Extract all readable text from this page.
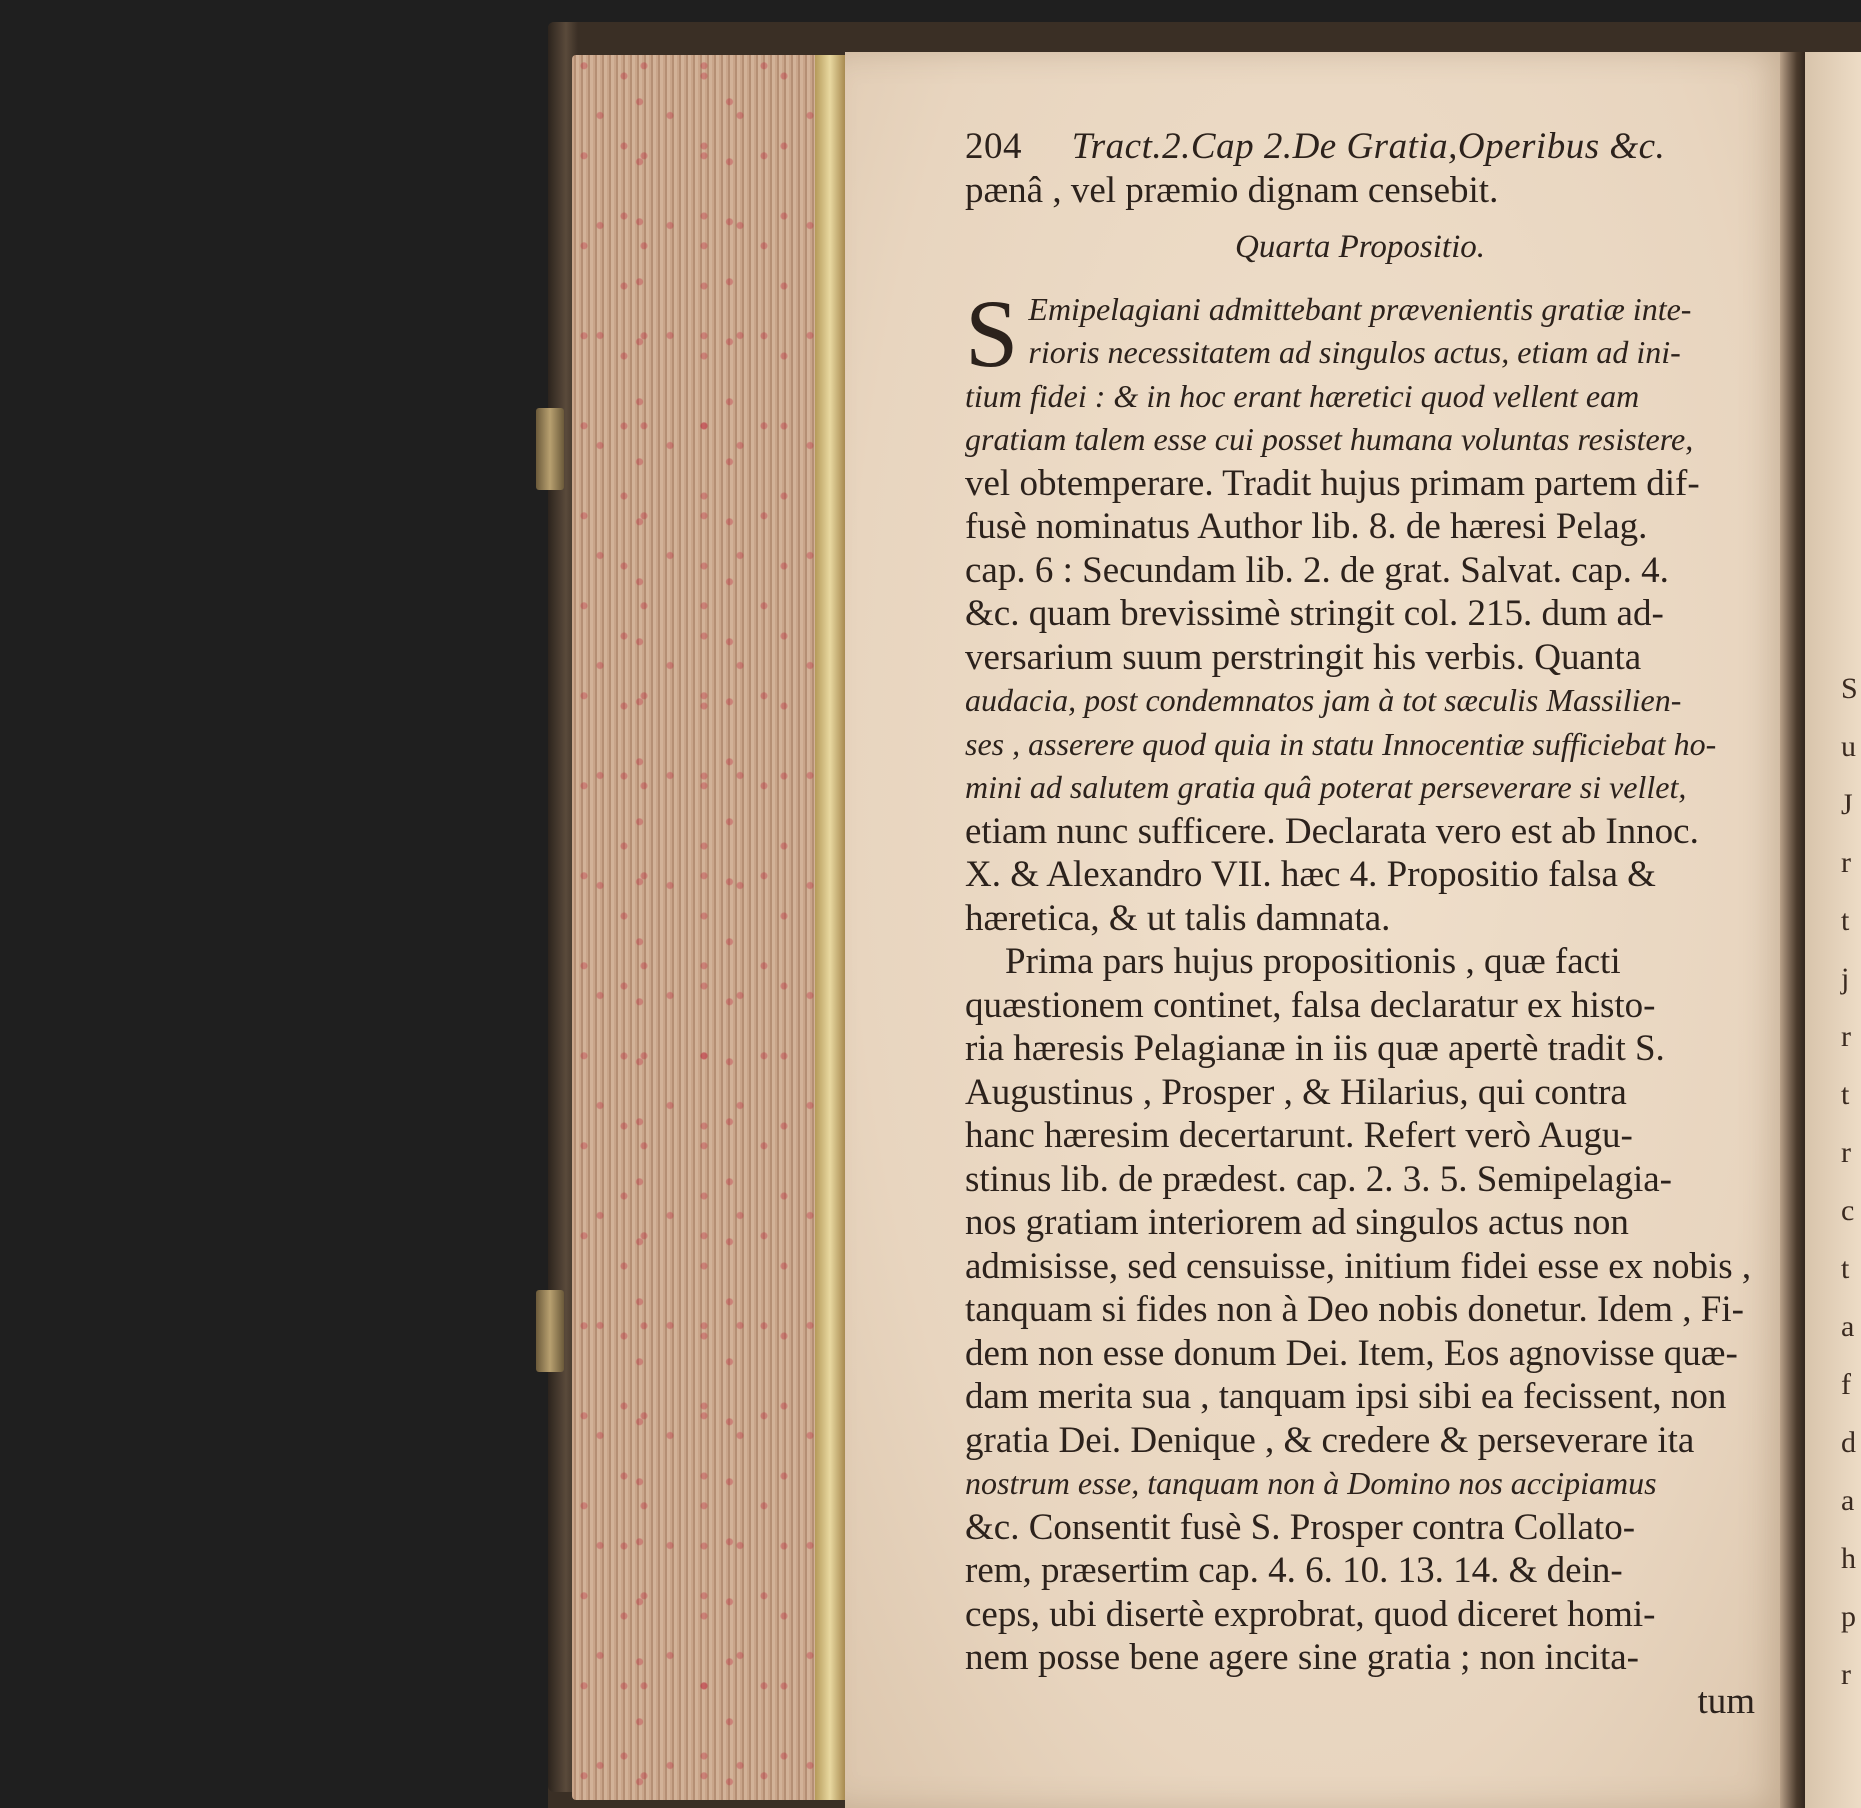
S
u
J
r
t
j
r
t
r
c
t
a
f
d
a
h
p
r
204 Tract.2.Cap 2.De Gratia,Operibus &c.
pænâ , vel præmio dignam censebit.
Quarta Propositio.
S Emipelagiani admittebant prævenientis gratiæ inte-
rioris necessitatem ad singulos actus, etiam ad ini-
tium fidei : & in hoc erant hæretici quod vellent eam
gratiam talem esse cui posset humana voluntas resistere,
vel obtemperare. Tradit hujus primam partem dif-
fusè nominatus Author lib. 8. de hæresi Pelag.
cap. 6 : Secundam lib. 2. de grat. Salvat. cap. 4.
&c. quam brevissimè stringit col. 215. dum ad-
versarium suum perstringit his verbis. Quanta
audacia, post condemnatos jam à tot sæculis Massilien-
ses , asserere quod quia in statu Innocentiæ sufficiebat ho-
mini ad salutem gratia quâ poterat perseverare si vellet,
etiam nunc sufficere. Declarata vero est ab Innoc.
X. & Alexandro VII. hæc 4. Propositio falsa &
hæretica, & ut talis damnata.
Prima pars hujus propositionis , quæ facti
quæstionem continet, falsa declaratur ex histo-
ria hæresis Pelagianæ in iis quæ apertè tradit S.
Augustinus , Prosper , & Hilarius, qui contra
hanc hæresim decertarunt. Refert verò Augu-
stinus lib. de prædest. cap. 2. 3. 5. Semipelagia-
nos gratiam interiorem ad singulos actus non
admisisse, sed censuisse, initium fidei esse ex nobis ,
tanquam si fides non à Deo nobis donetur. Idem , Fi-
dem non esse donum Dei. Item, Eos agnovisse quæ-
dam merita sua , tanquam ipsi sibi ea fecissent, non
gratia Dei. Denique , & credere & perseverare ita
nostrum esse, tanquam non à Domino nos accipiamus
&c. Consentit fusè S. Prosper contra Collato-
rem, præsertim cap. 4. 6. 10. 13. 14. & dein-
ceps, ubi disertè exprobrat, quod diceret homi-
nem posse bene agere sine gratia ; non incita-
tum
